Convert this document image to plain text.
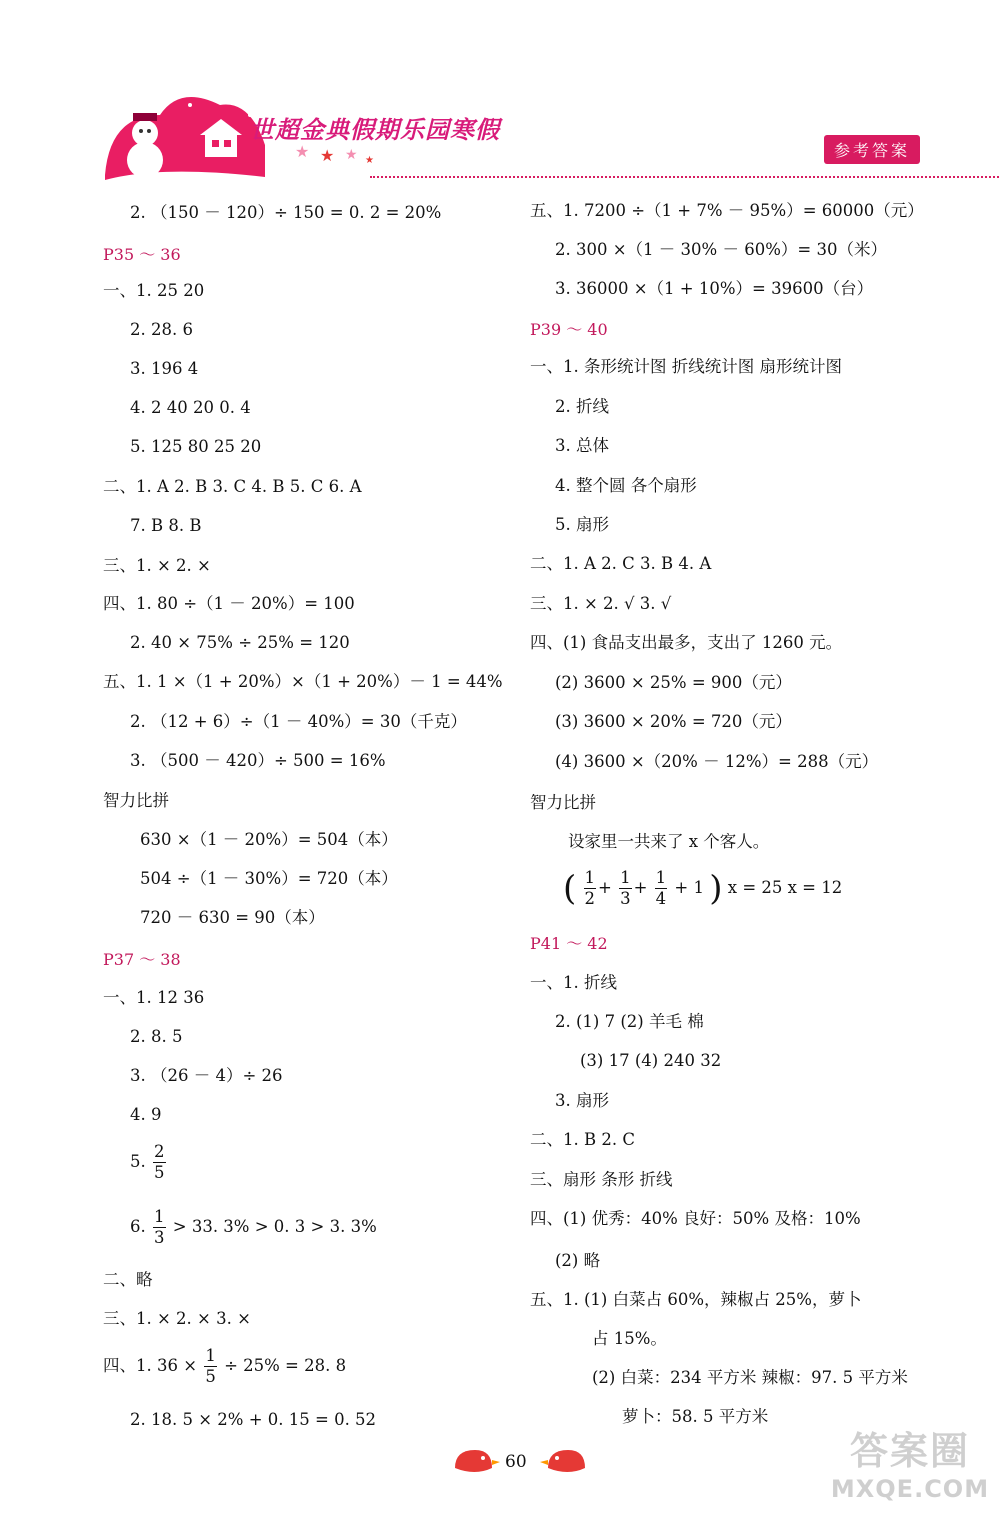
世超金典假期乐园寒假
★ ★ ★ ★
参考答案
2. （150 － 120）÷ 150 = 0. 2 = 20%
P35 ～ 36
一、1. 25 20
2. 28. 6
3. 196 4
4. 2 40 20 0. 4
5. 125 80 25 20
二、1. A 2. B 3. C 4. B 5. C 6. A
7. B 8. B
三、1. × 2. ×
四、1. 80 ÷（1 － 20%）= 100
2. 40 × 75% ÷ 25% = 120
五、1. 1 ×（1 + 20%）×（1 + 20%）－ 1 = 44%
2. （12 + 6）÷（1 － 40%）= 30（千克）
3. （500 － 420）÷ 500 = 16%
智力比拼
630 ×（1 － 20%）= 504（本）
504 ÷（1 － 30%）= 720（本）
720 － 630 = 90（本）
P37 ～ 38
一、1. 12 36
2. 8. 5
3. （26 － 4）÷ 26
4. 9
5. $\frac{2}{5}$
6. $\frac{1}{3} > 33$. 3% > 0. 3 > 3. 3%
二、略
三、1. × 2. × 3. ×
四、1. $36 \times \frac{1}{5} \div 25\% = 28$. 8
2. 18. 5 × 2% + 0. 15 = 0. 52
五、1. 7200 ÷（1 + 7% － 95%）= 60000（元）
2. 300 ×（1 － 30% － 60%）= 30（米）
3. 36000 ×（1 + 10%）= 39600（台）
P39 ～ 40
一、1. 条形统计图 折线统计图 扇形统计图
2. 折线
3. 总体
4. 整个圆 各个扇形
5. 扇形
二、1. A 2. C 3. B 4. A
三、1. × 2. √ 3. √
四、(1) 食品支出最多，支出了 1260 元。
(2) 3600 × 25% = 900（元）
(3) 3600 × 20% = 720（元）
(4) 3600 ×（20% － 12%）= 288（元）
智力比拼
设家里一共来了 x 个客人。
( $\frac{1}{2} + \frac{1}{3} + \frac{1}{4} + 1$ ) x = 25 x = 12
P41 ～ 42
一、1. 折线
2. (1) 7 (2) 羊毛 棉
(3) 17 (4) 240 32
3. 扇形
二、1. B 2. C
三、扇形 条形 折线
四、(1) 优秀：40% 良好：50% 及格：10%
(2) 略
五、1. (1) 白菜占 60%，辣椒占 25%，萝卜
占 15%。
(2) 白菜：234 平方米 辣椒：97. 5 平方米
萝卜：58. 5 平方米
60	答案圈
MXQE.COM
